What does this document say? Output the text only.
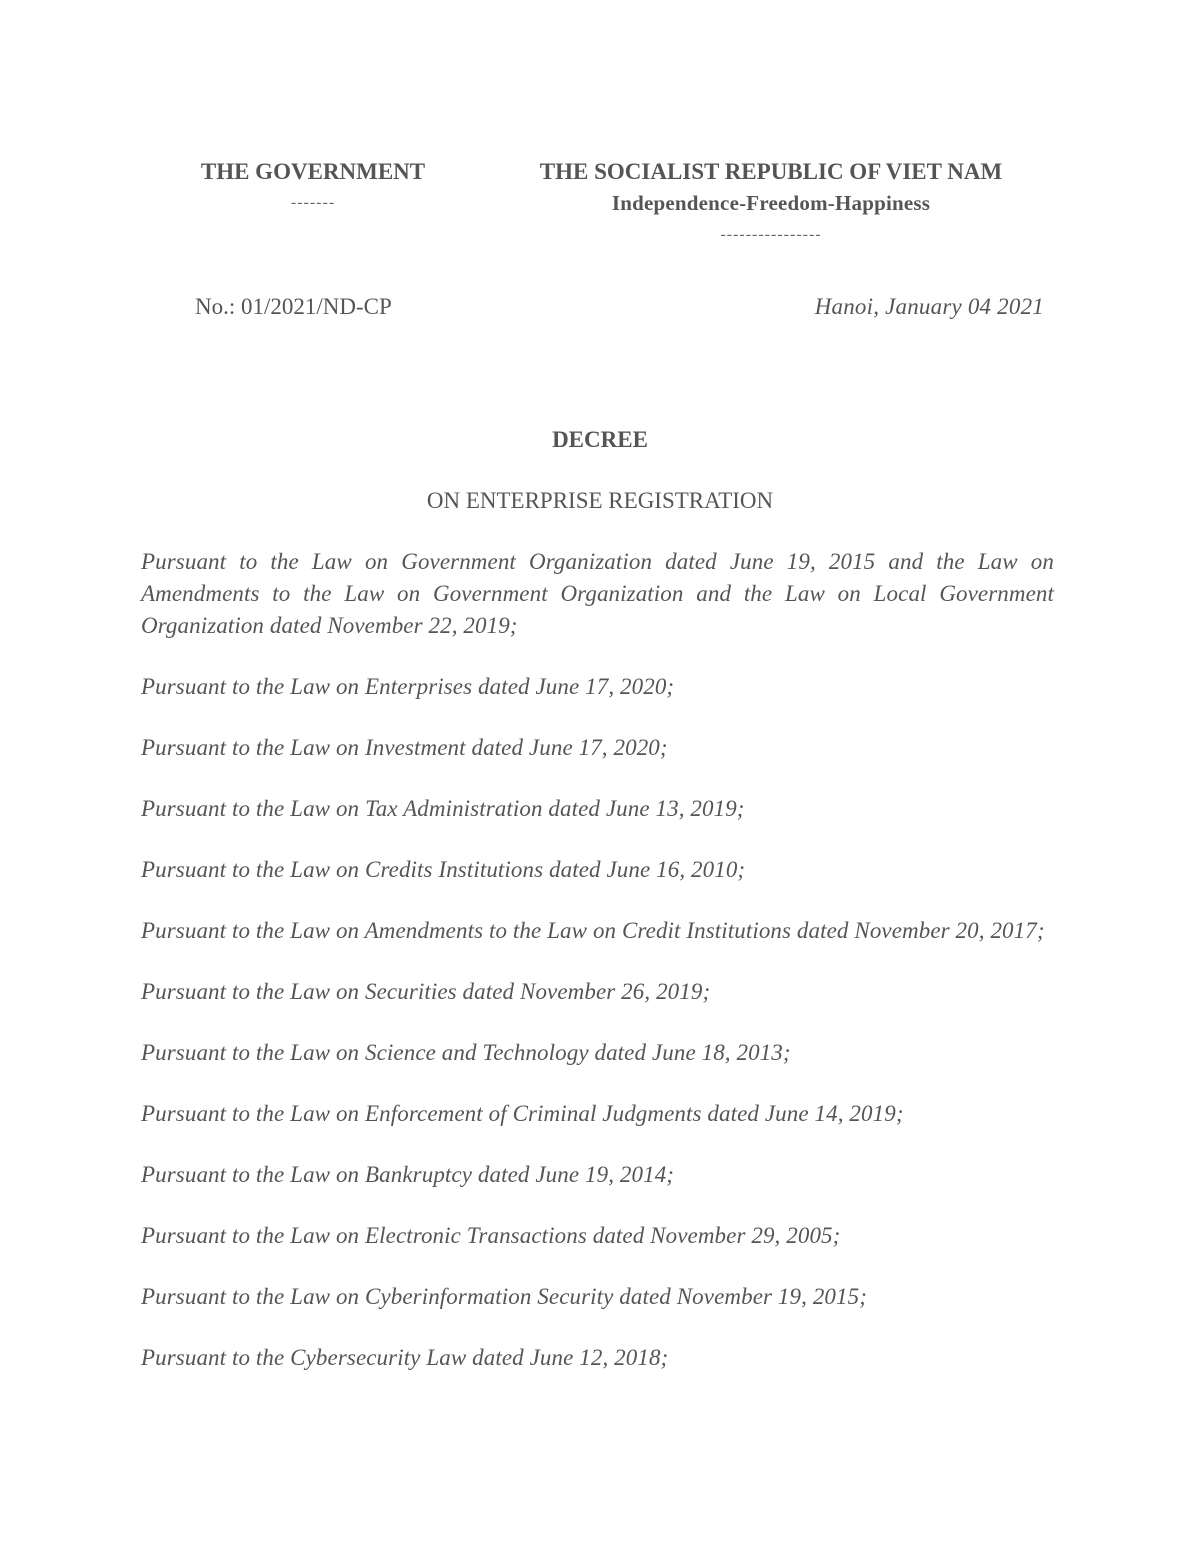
THE GOVERNMENT
-------
THE SOCIALIST REPUBLIC OF VIET NAM
Independence-Freedom-Happiness
----------------
No.: 01/2021/ND-CP	Hanoi, January 04 2021
DECREE
ON ENTERPRISE REGISTRATION

Pursuant to the Law on Government Organization dated June 19, 2015 and the Law on Amendments to the Law on Government Organization and the Law on Local Government Organization dated November 22, 2019;

Pursuant to the Law on Enterprises dated June 17, 2020;

Pursuant to the Law on Investment dated June 17, 2020;

Pursuant to the Law on Tax Administration dated June 13, 2019;

Pursuant to the Law on Credits Institutions dated June 16, 2010;

Pursuant to the Law on Amendments to the Law on Credit Institutions dated November 20, 2017;

Pursuant to the Law on Securities dated November 26, 2019;

Pursuant to the Law on Science and Technology dated June 18, 2013;

Pursuant to the Law on Enforcement of Criminal Judgments dated June 14, 2019;

Pursuant to the Law on Bankruptcy dated June 19, 2014;

Pursuant to the Law on Electronic Transactions dated November 29, 2005;

Pursuant to the Law on Cyberinformation Security dated November 19, 2015;

Pursuant to the Cybersecurity Law dated June 12, 2018;
